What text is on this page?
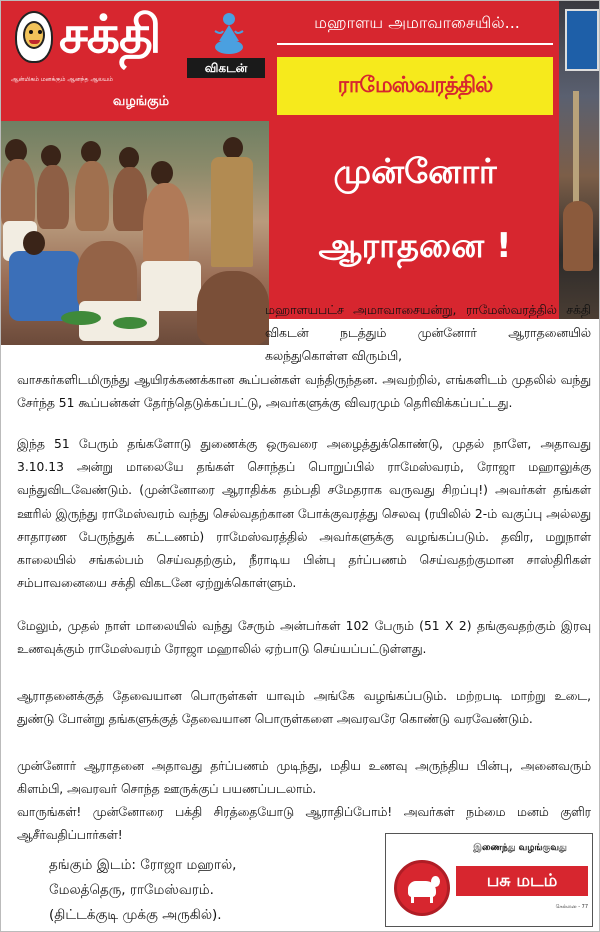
சக்தி
விகடன்
ஆன்மிகம் மனக்கும் ஆனந்த ஆலயம்
வழங்கும்
மஹாளய அமாவாசையில்...
ராமேஸ்வரத்தில்
முன்னோர்
ஆராதனை !
மஹாளயபட்ச அமாவாசையன்று, ராமேஸ்வரத்தில் சக்தி விகடன் நடத்தும் முன்னோர் ஆராதனையில் கலந்துகொள்ள விரும்பி,
வாசகர்களிடமிருந்து ஆயிரக்கணக்கான கூப்பன்கள் வந்திருந்தன. அவற்றில், எங்களிடம் முதலில் வந்து சேர்ந்த 51 கூப்பன்கள் தேர்ந்தெடுக்கப்பட்டு, அவர்களுக்கு விவரமும் தெரிவிக்கப்பட்டது.
இந்த 51 பேரும் தங்களோடு துணைக்கு ஒருவரை அழைத்துக்கொண்டு, முதல் நாளே, அதாவது 3.10.13 அன்று மாலையே தங்கள் சொந்தப் பொறுப்பில் ராமேஸ்வரம், ரோஜா மஹாலுக்கு வந்துவிடவேண்டும். (முன்னோரை ஆராதிக்க தம்பதி சமேதராக வருவது சிறப்பு!) அவர்கள் தங்கள் ஊரில் இருந்து ராமேஸ்வரம் வந்து செல்வதற்கான போக்குவரத்து செலவு (ரயிலில் 2-ம் வகுப்பு அல்லது சாதாரண பேருந்துக் கட்டணம்) ராமேஸ்வரத்தில் அவர்களுக்கு வழங்கப்படும். தவிர, மறுநாள் காலையில் சங்கல்பம் செய்வதற்கும், நீராடிய பின்பு தர்ப்பணம் செய்வதற்குமான சாஸ்திரிகள் சம்பாவனையை சக்தி விகடனே ஏற்றுக்கொள்ளும்.
மேலும், முதல் நாள் மாலையில் வந்து சேரும் அன்பர்கள் 102 பேரும் (51 X 2) தங்குவதற்கும் இரவு உணவுக்கும் ராமேஸ்வரம் ரோஜா மஹாலில் ஏற்பாடு செய்யப்பட்டுள்ளது.
ஆராதனைக்குத் தேவையான பொருள்கள் யாவும் அங்கே வழங்கப்படும். மற்றபடி மாற்று உடை, துண்டு போன்று தங்களுக்குத் தேவையான பொருள்களை அவரவரே கொண்டு வரவேண்டும்.
முன்னோர் ஆராதனை அதாவது தர்ப்பணம் முடிந்து, மதிய உணவு அருந்திய பின்பு, அனைவரும் கிளம்பி, அவரவர் சொந்த ஊருக்குப் பயணப்படலாம்.
வாருங்கள்! முன்னோரை பக்தி சிரத்தையோடு ஆராதிப்போம்! அவர்கள் நம்மை மனம் குளிர ஆசீர்வதிப்பார்கள்!
தங்கும் இடம்: ரோஜா மஹால்,
மேலத்தெரு, ராமேஸ்வரம்.
(திட்டக்குடி முக்கு அருகில்).
இணைந்து வழங்குவது
பசு மடம்
சென்னை - 77
